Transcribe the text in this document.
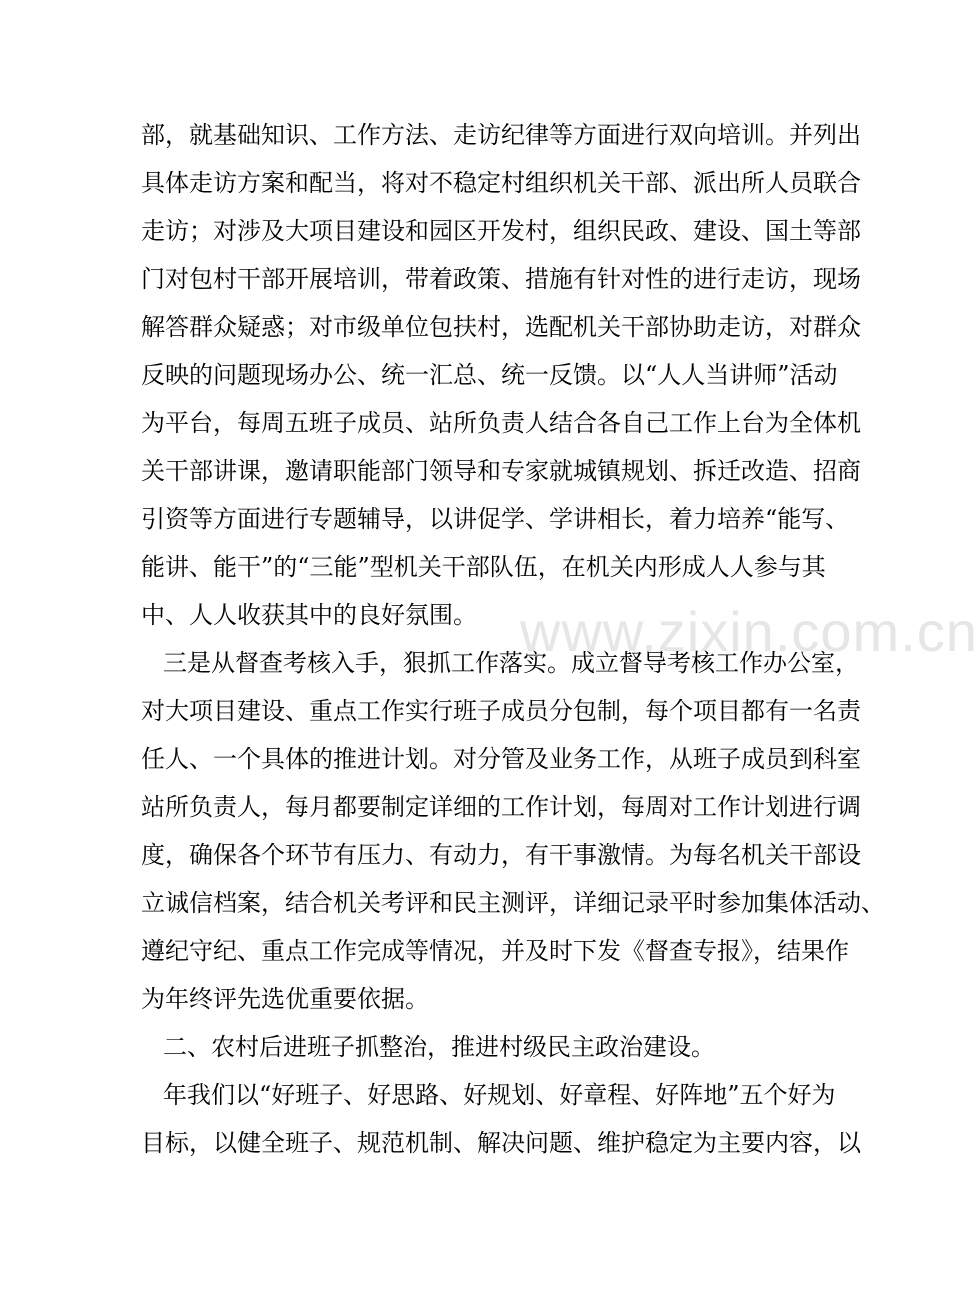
www.zixin.com.cn
部，就基础知识、工作方法、走访纪律等方面进行双向培训。并列出
具体走访方案和配当，将对不稳定村组织机关干部、派出所人员联合
走访；对涉及大项目建设和园区开发村，组织民政、建设、国土等部
门对包村干部开展培训，带着政策、措施有针对性的进行走访，现场
解答群众疑惑；对市级单位包扶村，选配机关干部协助走访，对群众
反映的问题现场办公、统一汇总、统一反馈。以“人人当讲师”活动
为平台，每周五班子成员、站所负责人结合各自己工作上台为全体机
关干部讲课，邀请职能部门领导和专家就城镇规划、拆迁改造、招商
引资等方面进行专题辅导，以讲促学、学讲相长，着力培养“能写、
能讲、能干”的“三能”型机关干部队伍，在机关内形成人人参与其
中、人人收获其中的良好氛围。
三是从督查考核入手，狠抓工作落实。成立督导考核工作办公室，
对大项目建设、重点工作实行班子成员分包制，每个项目都有一名责
任人、一个具体的推进计划。对分管及业务工作，从班子成员到科室
站所负责人，每月都要制定详细的工作计划，每周对工作计划进行调
度，确保各个环节有压力、有动力，有干事激情。为每名机关干部设
立诚信档案，结合机关考评和民主测评，详细记录平时参加集体活动、
遵纪守纪、重点工作完成等情况，并及时下发《督查专报》，结果作
为年终评先选优重要依据。
二、农村后进班子抓整治，推进村级民主政治建设。
年我们以“好班子、好思路、好规划、好章程、好阵地”五个好为
目标，以健全班子、规范机制、解决问题、维护稳定为主要内容，以
